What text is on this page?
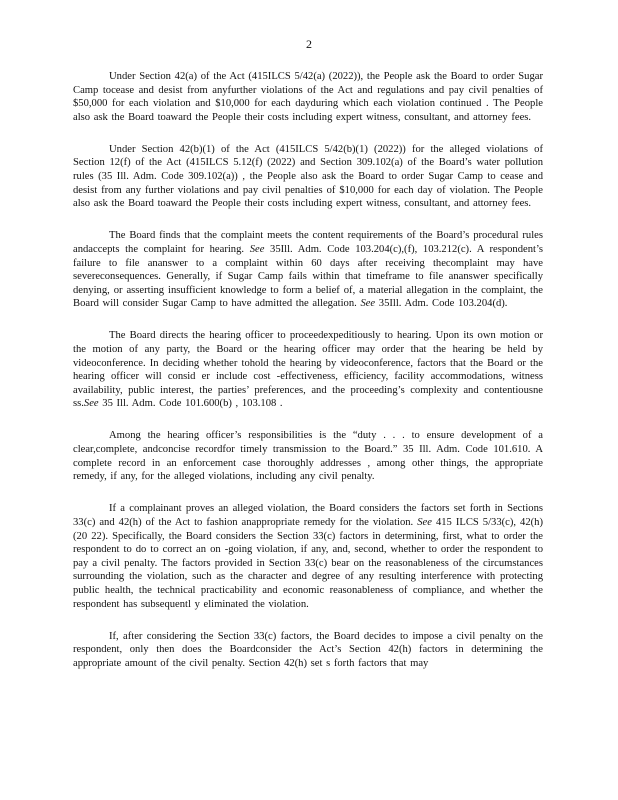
2

Under Section 42(a) of the Act (415ILCS 5/42(a) (2022)), the People ask the Board to order Sugar Camp tocease and desist from anyfurther violations of the Act and regulations and pay civil penalties of $50,000 for each violation and $10,000 for each dayduring which each violation continued . The People also ask the Board toaward the People their costs including expert witness, consultant, and attorney fees.

Under Section 42(b)(1) of the Act (415ILCS 5/42(b)(1) (2022)) for the alleged violations of Section 12(f) of the Act (415ILCS 5.12(f) (2022) and Section 309.102(a) of the Board’s water pollution rules (35 Ill. Adm. Code 309.102(a)) , the People also ask the Board to order Sugar Camp to cease and desist from any further violations and pay civil penalties of $10,000 for each day of violation. The People also ask the Board toaward the People their costs including expert witness, consultant, and attorney fees.

The Board finds that the complaint meets the content requirements of the Board’s procedural rules andaccepts the complaint for hearing. See 35Ill. Adm. Code 103.204(c),(f), 103.212(c). A respondent’s failure to file ananswer to a complaint within 60 days after receiving thecomplaint may have severeconsequences. Generally, if Sugar Camp fails within that timeframe to file ananswer specifically denying, or asserting insufficient knowledge to form a belief of, a material allegation in the complaint, the Board will consider Sugar Camp to have admitted the allegation. See 35Ill. Adm. Code 103.204(d).

The Board directs the hearing officer to proceedexpeditiously to hearing. Upon its own motion or the motion of any party, the Board or the hearing officer may order that the hearing be held by videoconference. In deciding whether tohold the hearing by videoconference, factors that the Board or the hearing officer will consid er include cost -effectiveness, efficiency, facility accommodations, witness availability, public interest, the parties’ preferences, and the proceeding’s complexity and contentiousne ss.See 35 Ill. Adm. Code 101.600(b) , 103.108 .

Among the hearing officer’s responsibilities is the “duty . . . to ensure development of a clear,complete, andconcise recordfor timely transmission to the Board.” 35 Ill. Adm. Code 101.610. A complete record in an enforcement case thoroughly addresses , among other things, the appropriate remedy, if any, for the alleged violations, including any civil penalty.

If a complainant proves an alleged violation, the Board considers the factors set forth in Sections 33(c) and 42(h) of the Act to fashion anappropriate remedy for the violation. See 415 ILCS 5/33(c), 42(h) (20 22). Specifically, the Board considers the Section 33(c) factors in determining, first, what to order the respondent to do to correct an on -going violation, if any, and, second, whether to order the respondent to pay a civil penalty. The factors provided in Section 33(c) bear on the reasonableness of the circumstances surrounding the violation, such as the character and degree of any resulting interference with protecting public health, the technical practicability and economic reasonableness of compliance, and whether the respondent has subsequentl y eliminated the violation.

If, after considering the Section 33(c) factors, the Board decides to impose a civil penalty on the respondent, only then does the Boardconsider the Act’s Section 42(h) factors in determining the appropriate amount of the civil penalty. Section 42(h) set s forth factors that may
